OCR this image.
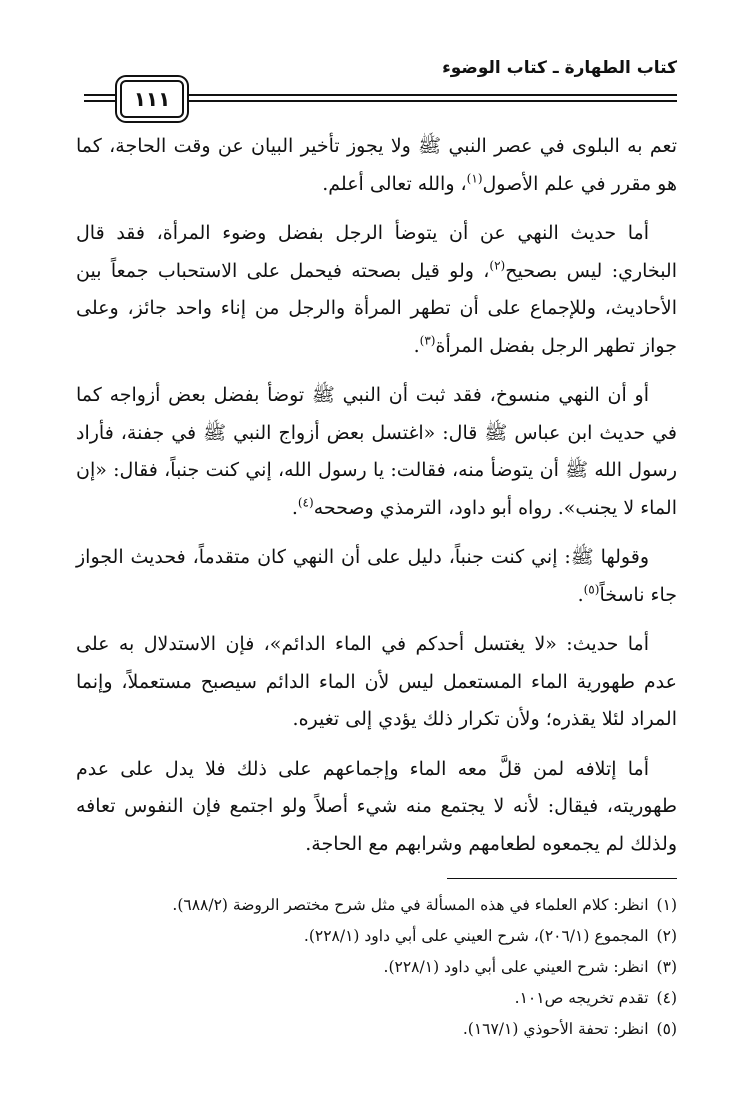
كتاب الطهارة ـ كتاب الوضوء
١١١

تعم به البلوى في عصر النبي ﷺ ولا يجوز تأخير البيان عن وقت الحاجة، كما هو مقرر في علم الأصول$^{(١)}$، والله تعالى أعلم.

أما حديث النهي عن أن يتوضأ الرجل بفضل وضوء المرأة، فقد قال البخاري: ليس بصحيح$^{(٢)}$، ولو قيل بصحته فيحمل على الاستحباب جمعاً بين الأحاديث، وللإجماع على أن تطهر المرأة والرجل من إناء واحد جائز، وعلى جواز تطهر الرجل بفضل المرأة$^{(٣)}$.

أو أن النهي منسوخ، فقد ثبت أن النبي ﷺ توضأ بفضل بعض أزواجه كما في حديث ابن عباس ﷺ قال: «اغتسل بعض أزواج النبي ﷺ في جفنة، فأراد رسول الله ﷺ أن يتوضأ منه، فقالت: يا رسول الله، إني كنت جنباً، فقال: «إن الماء لا يجنب». رواه أبو داود، الترمذي وصححه$^{(٤)}$.

وقولها ﷺ: إني كنت جنباً، دليل على أن النهي كان متقدماً، فحديث الجواز جاء ناسخاً$^{(٥)}$.

أما حديث: «لا يغتسل أحدكم في الماء الدائم»، فإن الاستدلال به على عدم طهورية الماء المستعمل ليس لأن الماء الدائم سيصبح مستعملاً، وإنما المراد لئلا يقذره؛ ولأن تكرار ذلك يؤدي إلى تغيره.

أما إتلافه لمن قلَّ معه الماء وإجماعهم على ذلك فلا يدل على عدم طهوريته، فيقال: لأنه لا يجتمع منه شيء أصلاً ولو اجتمع فإن النفوس تعافه ولذلك لم يجمعوه لطعامهم وشرابهم مع الحاجة.

(١)انظر: كلام العلماء في هذه المسألة في مثل شرح مختصر الروضة (٦٨٨/٢).
(٢)المجموع (٢٠٦/١)، شرح العيني على أبي داود (٢٢٨/١).
(٣)انظر: شرح العيني على أبي داود (٢٢٨/١).
(٤)تقدم تخريجه ص١٠١.
(٥)انظر: تحفة الأحوذي (١٦٧/١).
